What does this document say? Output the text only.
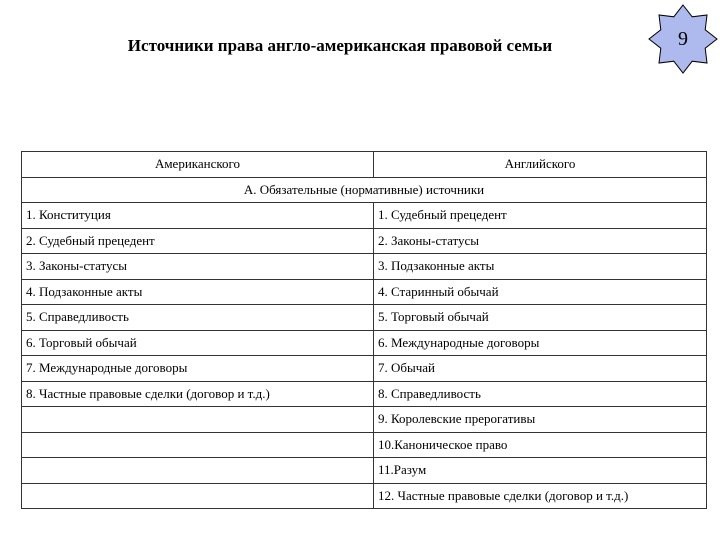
Источники права англо-американская правовой семьи	9
Американского	Английского
А. Обязательные (нормативные) источники	
1. Конституция	1. Судебный прецедент
2. Судебный прецедент	2. Законы-статусы
3. Законы-статусы	3. Подзаконные акты
4. Подзаконные акты	4. Старинный обычай
5. Справедливость	5. Торговый обычай
6. Торговый обычай	6. Международные договоры
7. Международные договоры	7. Обычай
8. Частные правовые сделки (договор и т.д.)	8. Справедливость
	9. Королевские прерогативы
	10.Каноническое право
	11.Разум
	12. Частные правовые сделки (договор и т.д.)
